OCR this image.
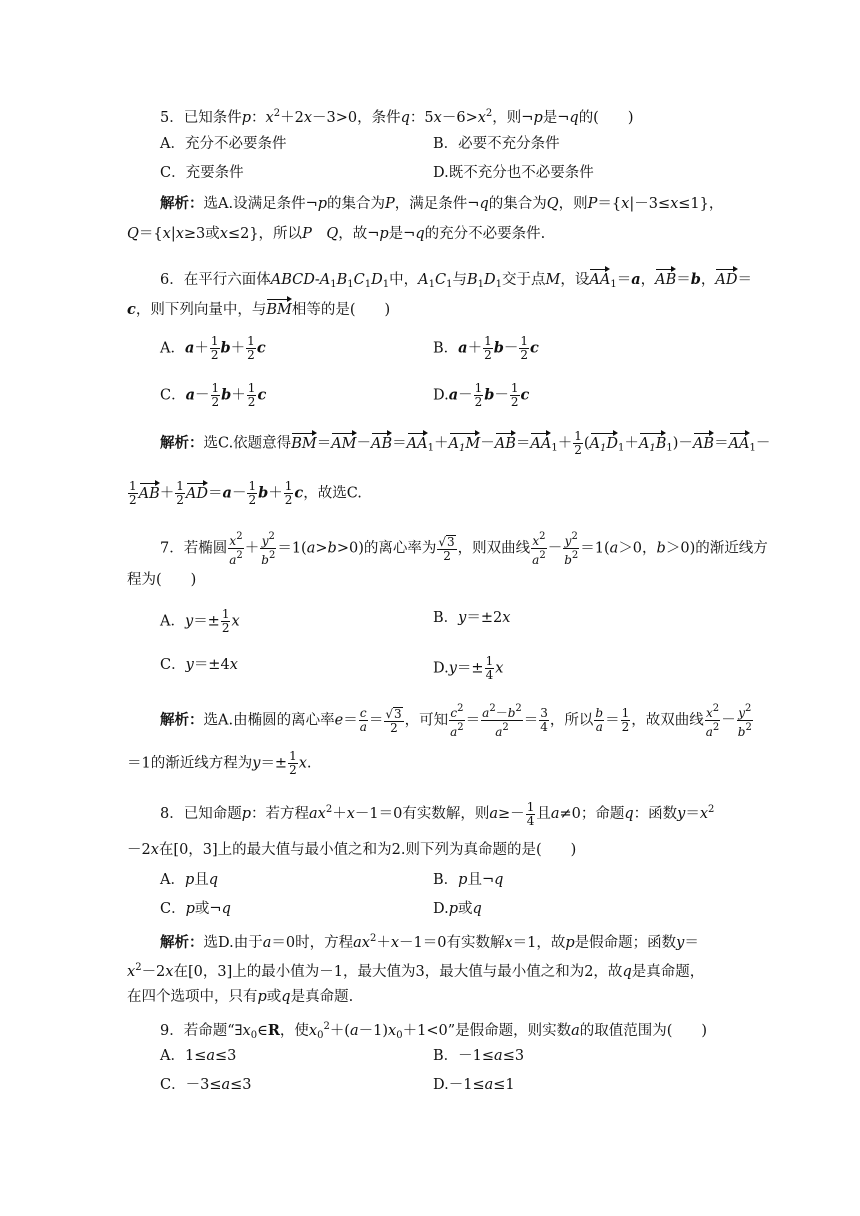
5．已知条件p：$x^2+2x-3>0$，条件q：$5x-6>x^2$，则¬p是¬q的(　　)
A．充分不必要条件	B．必要不充分条件
C．充要条件	D.既不充分也不必要条件
解析：选A.设满足条件¬p的集合为P，满足条件¬q的集合为Q，则P＝{x|－3≤x≤1}，
Q＝{x|x≥3或x≤2}，所以P　 Q，故¬p是¬q的充分不必要条件.
6．在平行六面体ABCD-$A_1B_1C_1D_1$中，$A_1C_1$与$B_1D_1$交于点M，设$AA_1=a$，AB＝b，AD＝
c，则下列向量中，与BM相等的是(　　)
A．$a+ \frac{1}{2} b+ \frac{1}{2}$ c	B．$a+ \frac{1}{2} b- \frac{1}{2}$ c
C．$a- \frac{1}{2} b+ \frac{1}{2}$ c	$D.a- \frac{1}{2} b- \frac{1}{2}$ c
解析：选C.依题意得$BM=AM-AB=AA_1+A_1M-AB=AA_1+ \frac{1}{2} (A_1D_1+A_1B_1)-AB=AA_1-$
$\frac{1}{2} AB+ \frac{1}{2} AD=a- \frac{1}{2} b+ \frac{1}{2}$ c，故选C.
7．若椭圆 $\frac{x^2}{a^2} + \frac{y^2}{b^2} =1(a>b>0)$的离心率为 $\frac{√3}{2}$ ，则双曲线 $\frac{x^2}{a^2} - \frac{y^2}{b^2} =1(a>0$，b＞0)的渐近线方
程为(　　)
A．$y=\pm \frac{1}{2}$ x	B．y＝±2x
C．y＝±4x	$D.y=\pm \frac{1}{4}$ x
解析：选A.由椭圆的离心率$e= \frac{c}{a} = \frac{√3}{2}$ ，可知 $\frac{c^2}{a^2} = \frac{a^2-b^2}{a^2} = \frac{3}{4}$ ，所以 $\frac{b}{a} = \frac{1}{2}$ ，故双曲线 $\frac{x^2}{a^2} - \frac{y^2}{b^2}$
＝1的渐近线方程为$y=\pm \frac{1}{2} x$.
8．已知命题p：若方程$ax^2+x-1=0$有实数解，则$a\ge- \frac{1}{4}$ 且a≠0；命题q：函数$y=x^2$
－2x在[0，3]上的最大值与最小值之和为2.则下列为真命题的是(　　)
A．p且q	B．p且¬q
C．p或¬q	D.p或q
解析：选D.由于a＝0时，方程$ax^2+x-1=0$有实数解x＝1，故p是假命题；函数y＝
$x^2-2x$在[0，3]上的最小值为－1，最大值为3，最大值与最小值之和为2，故q是真命题，
在四个选项中，只有p或q是真命题.
9．若命题“$\exists x_0\in R$，使$x_0^2+(a-1)x_0+1<0$”是假命题，则实数a的取值范围为(　　)
A．1≤a≤3	B．－1≤a≤3
C．－3≤a≤3	D.－1≤a≤1
